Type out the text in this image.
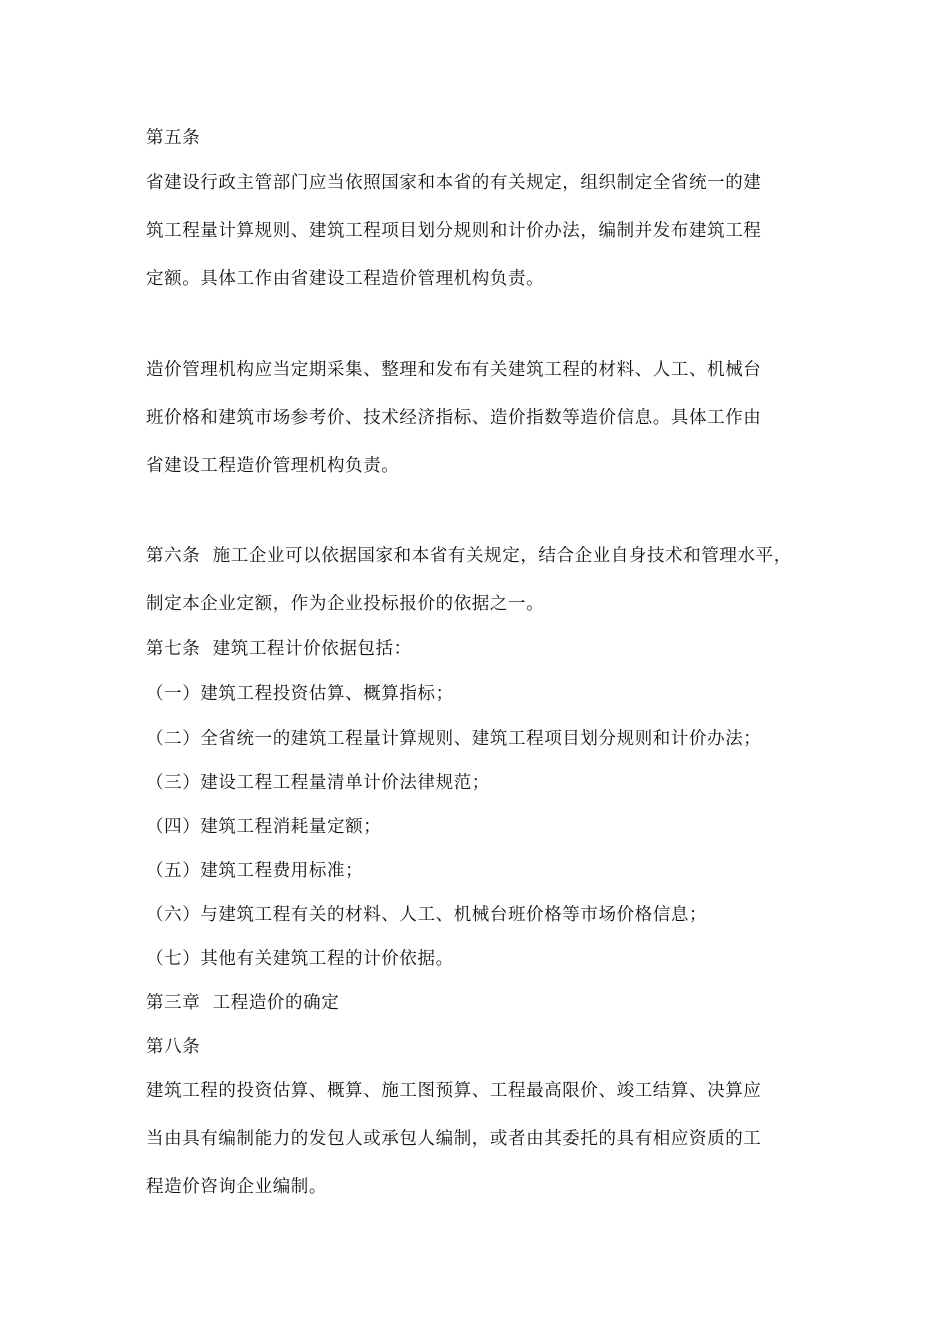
第五条
省建设行政主管部门应当依照国家和本省的有关规定，组织制定全省统一的建
筑工程量计算规则、建筑工程项目划分规则和计价办法，编制并发布建筑工程
定额。具体工作由省建设工程造价管理机构负责。
造价管理机构应当定期采集、整理和发布有关建筑工程的材料、人工、机械台
班价格和建筑市场参考价、技术经济指标、造价指数等造价信息。具体工作由
省建设工程造价管理机构负责。
第六条  施工企业可以依据国家和本省有关规定，结合企业自身技术和管理水平，
制定本企业定额，作为企业投标报价的依据之一。
第七条  建筑工程计价依据包括：
（一）建筑工程投资估算、概算指标；
（二）全省统一的建筑工程量计算规则、建筑工程项目划分规则和计价办法；
（三）建设工程工程量清单计价法律规范；
（四）建筑工程消耗量定额；
（五）建筑工程费用标准；
（六）与建筑工程有关的材料、人工、机械台班价格等市场价格信息；
（七）其他有关建筑工程的计价依据。
第三章  工程造价的确定
第八条
建筑工程的投资估算、概算、施工图预算、工程最高限价、竣工结算、决算应
当由具有编制能力的发包人或承包人编制，或者由其委托的具有相应资质的工
程造价咨询企业编制。
